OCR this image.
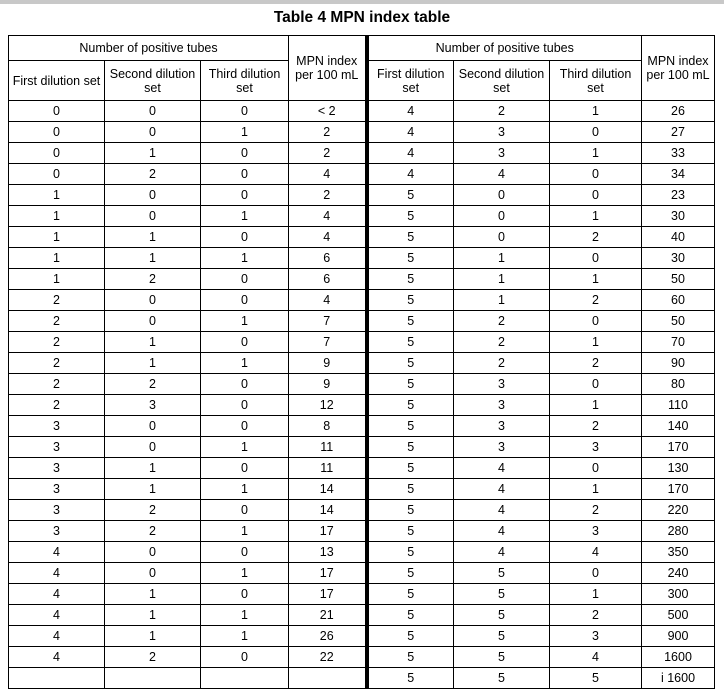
Table 4 MPN index table
Number of positive tubes			MPN index per 100 mL	Number of positive tubes			MPN index per 100 mL
First dilution set	Second dilution set	Third dilution set		First dilution set	Second dilution set	Third dilution set	
0	0	0	< 2	4	2	1	26
0	0	1	2	4	3	0	27
0	1	0	2	4	3	1	33
0	2	0	4	4	4	0	34
1	0	0	2	5	0	0	23
1	0	1	4	5	0	1	30
1	1	0	4	5	0	2	40
1	1	1	6	5	1	0	30
1	2	0	6	5	1	1	50
2	0	0	4	5	1	2	60
2	0	1	7	5	2	0	50
2	1	0	7	5	2	1	70
2	1	1	9	5	2	2	90
2	2	0	9	5	3	0	80
2	3	0	12	5	3	1	110
3	0	0	8	5	3	2	140
3	0	1	11	5	3	3	170
3	1	0	11	5	4	0	130
3	1	1	14	5	4	1	170
3	2	0	14	5	4	2	220
3	2	1	17	5	4	3	280
4	0	0	13	5	4	4	350
4	0	1	17	5	5	0	240
4	1	0	17	5	5	1	300
4	1	1	21	5	5	2	500
4	1	1	26	5	5	3	900
4	2	0	22	5	5	4	1600
				5	5	5	i 1600
